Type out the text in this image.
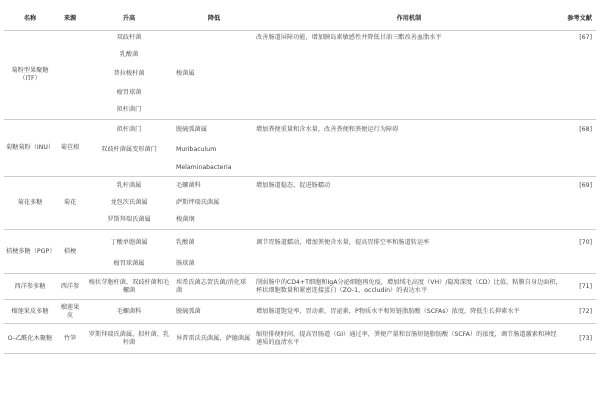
名称	来源	升高	降低	作用机制	参考文献
菊粉型果聚糖（ITF）		双歧杆菌		改善肠道屏障功能，增加胰岛素敏感性并降低甘油三酯改善血脂水平	[67]
		乳酸菌			
		普拉梭杆菌	梭菌属		
		瘤胃球菌			
		拟杆菌门			
菊糖菊粉（INU）	菊苣根	拟杆菌门	脱硫弧菌属	增加粪便重量和含水量，改善粪便和粪便运行为障碍	[68]
		双歧杆菌属变形菌门	Muribaculum		
			Melaminabacteria		
菊花多糖	菊花	乳杆菌属	毛螺菌科	增加肠道稳态、促进肠蠕动	[69]
		龙包茨氏菌属	萨斯坪瑞氏菌属		
		罗斯拜瑞氏菌属	梭菌纲		
桔梗多糖（PGP）	桔梗	丁酸单胞菌属	乳酸菌	调节胃肠道蠕动，增加粪便含水量，提高胃排空率和肠道转运率	[70]
		瘤胃球菌属	肠球菌		
西洋参多糖	西洋参	梭状芽胞杆菌、双歧杆菌和毛螺菌	埃希氏菌志贺氏菌/消化球菌	削弱肠中的CD4+T细胞和IgA分泌细胞再免疫，增加绒毛高度（VH）/隐窝深度（CD）比值，粘膜自身边面积，杯状细胞数量和紧密连接蛋白（ZO-1，occludin）的表达水平	[71]
榴莲果皮多糖	榴莲果皮	毛螺菌科	脱硫弧菌	增加肠道饱觉率，胃动素，胃泌素，P物质水平和短链脂肪酸（SCFAs）浓度，降低生长抑素水平	[72]
O-乙酰化木聚糖	竹笋	罗斯拜瑞氏菌属，拟杆菌，乳杆菌	异普雷沃氏菌属，萨德菌属	缩短排便时间，提高胃肠道（GI）通过率，粪便产量和盲肠短链脂肪酸（SCFA）的浓度，调节肠道激素和神经递质的血清水平	[73]
